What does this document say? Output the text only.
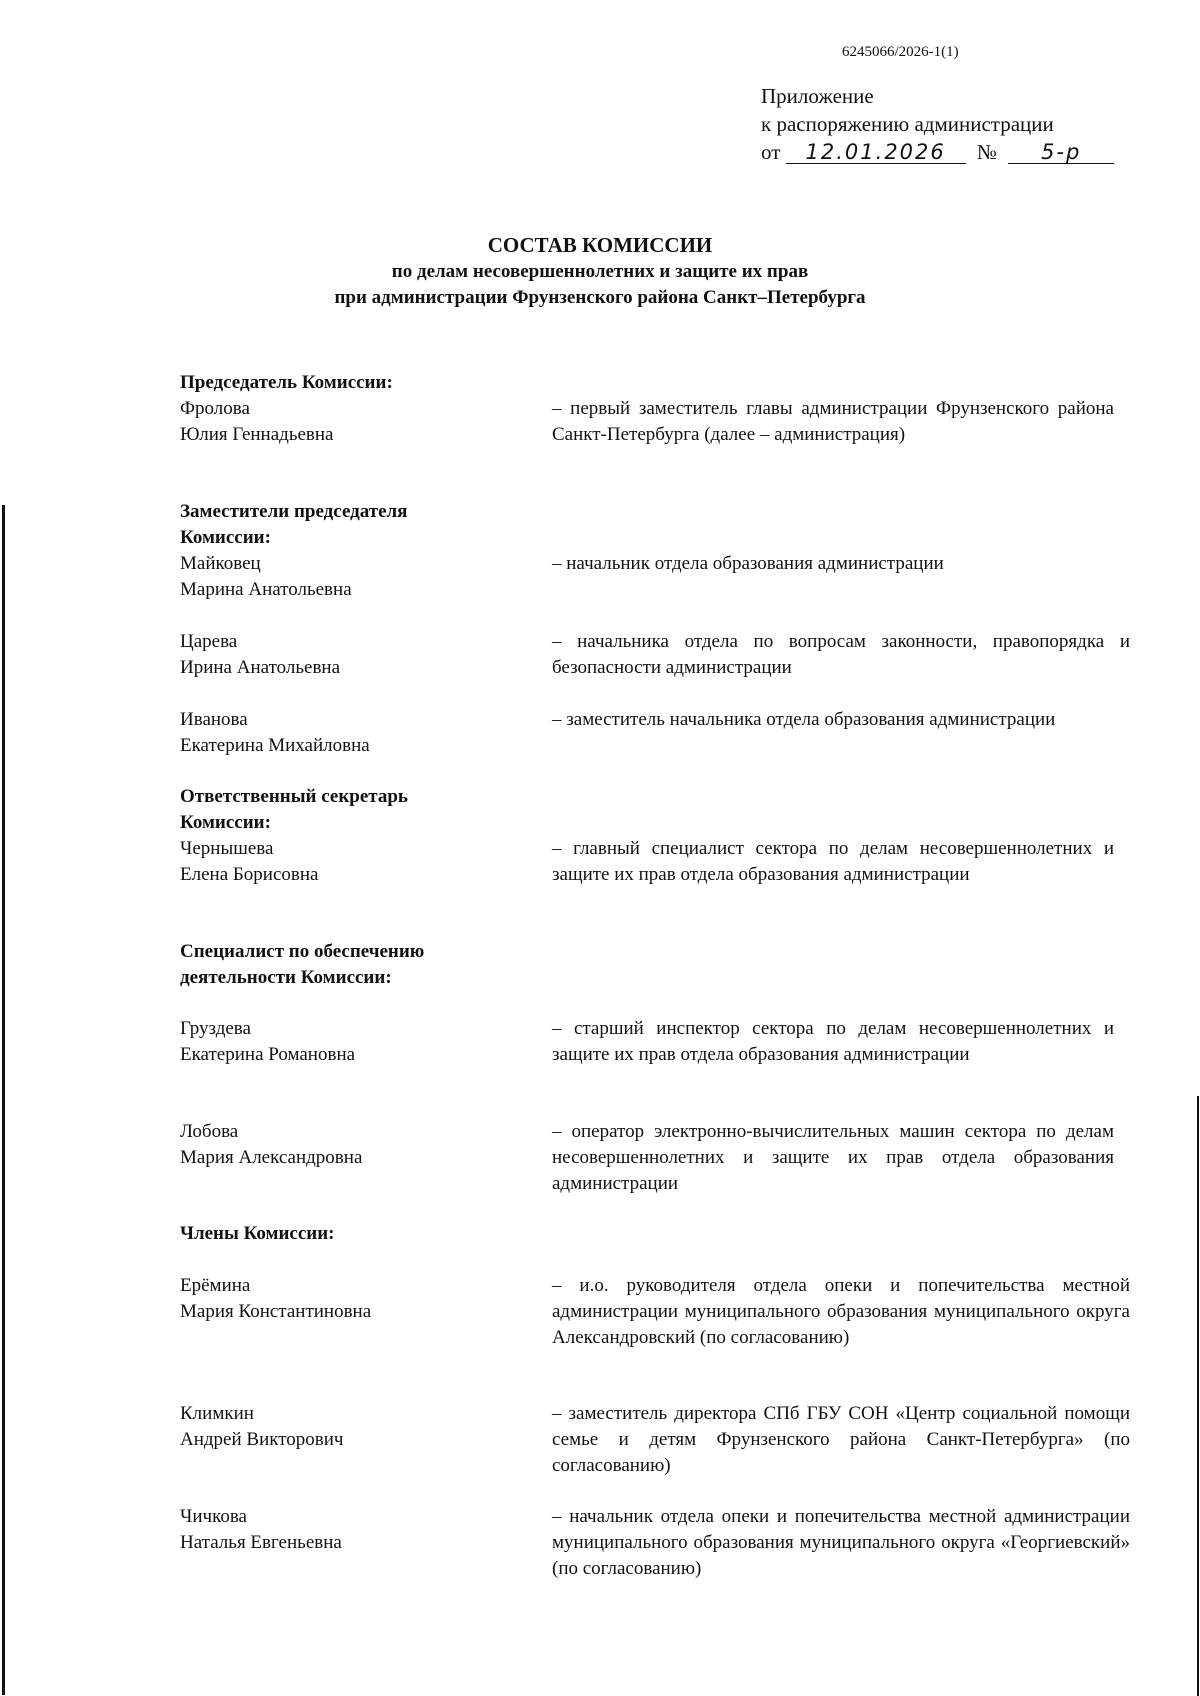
6245066/2026-1(1)
Приложение
к распоряжению администрации
от 12.01.2026 № 5-р
СОСТАВ КОМИССИИ
по делам несовершеннолетних и защите их прав
при администрации Фрунзенского района Санкт–Петербурга
Председатель Комиссии:
Фролова
Юлия Геннадьевна
– первый заместитель главы администрации Фрунзенского района Санкт-Петербурга (далее – администрация)
Заместители председателя
Комиссии:
Майковец
Марина Анатольевна
– начальник отдела образования администрации
Царева
Ирина Анатольевна
– начальника отдела по вопросам законности, правопорядка и безопасности администрации
Иванова
Екатерина Михайловна
– заместитель начальника отдела образования администрации
Ответственный секретарь
Комиссии:
Чернышева
Елена Борисовна
– главный специалист сектора по делам несовершеннолетних и защите их прав отдела образования администрации
Специалист по обеспечению
деятельности Комиссии:
Груздева
Екатерина Романовна
– старший инспектор сектора по делам несовершеннолетних и защите их прав отдела образования администрации
Лобова
Мария Александровна
– оператор электронно-вычислительных машин сектора по делам несовершеннолетних и защите их прав отдела образования администрации
Члены Комиссии:
Ерёмина
Мария Константиновна
– и.о. руководителя отдела опеки и попечительства местной администрации муниципального образования муниципального округа Александровский (по согласованию)
Климкин
Андрей Викторович
– заместитель директора СПб ГБУ СОН «Центр социальной помощи семье и детям Фрунзенского района Санкт-Петербурга» (по согласованию)
Чичкова
Наталья Евгеньевна
– начальник отдела опеки и попечительства местной администрации муниципального образования муниципального округа «Георгиевский» (по согласованию)
